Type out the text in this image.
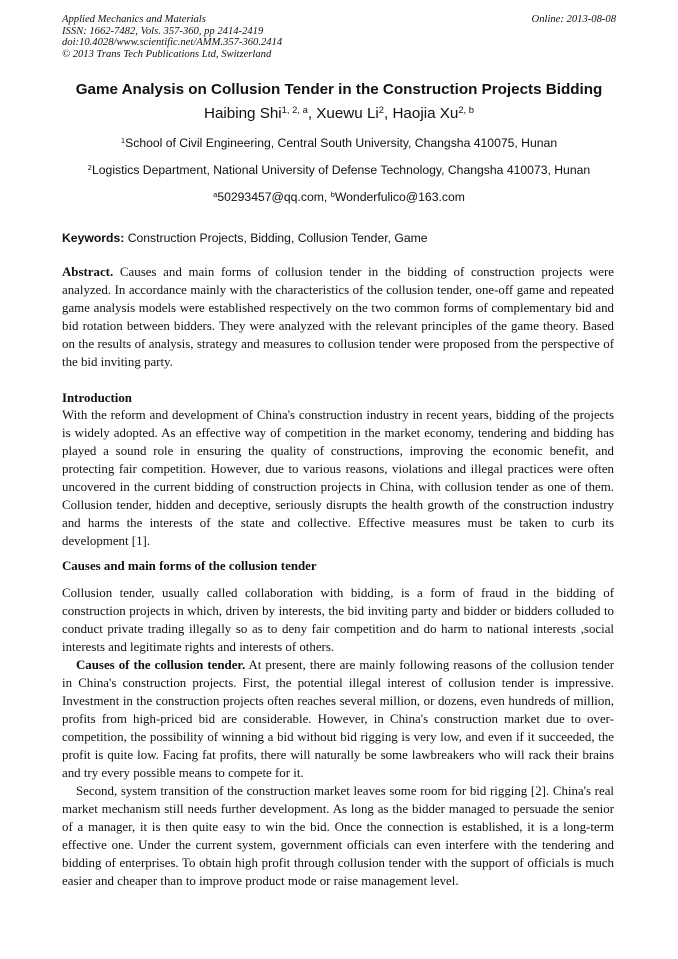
Applied Mechanics and Materials
ISSN: 1662-7482, Vols. 357-360, pp 2414-2419
doi:10.4028/www.scientific.net/AMM.357-360.2414
© 2013 Trans Tech Publications Ltd, Switzerland
Online: 2013-08-08
Game Analysis on Collusion Tender in the Construction Projects Bidding
Haibing Shi$^{1, 2, a}$, Xuewu Li$^2$, Haojia Xu$^{2, b}$
$^1$School of Civil Engineering, Central South University, Changsha 410075, Hunan
$^2$Logistics Department, National University of Defense Technology, Changsha 410073, Hunan
$^a$50293457@qq.com, $^b$Wonderfulico@163.com
Keywords: Construction Projects, Bidding, Collusion Tender, Game

Abstract. Causes and main forms of collusion tender in the bidding of construction projects were analyzed. In accordance mainly with the characteristics of the collusion tender, one-off game and repeated game analysis models were established respectively on the two common forms of complementary bid and bid rotation between bidders. They were analyzed with the relevant principles of the game theory. Based on the results of analysis, strategy and measures to collusion tender were proposed from the perspective of the bid inviting party.

Introduction

With the reform and development of China's construction industry in recent years, bidding of the projects is widely adopted. As an effective way of competition in the market economy, tendering and bidding has played a sound role in ensuring the quality of constructions, improving the economic benefit, and protecting fair competition. However, due to various reasons, violations and illegal practices were often uncovered in the current bidding of construction projects in China, with collusion tender as one of them. Collusion tender, hidden and deceptive, seriously disrupts the health growth of the construction industry and harms the interests of the state and collective. Effective measures must be taken to curb its development [1].

Causes and main forms of the collusion tender

Collusion tender, usually called collaboration with bidding, is a form of fraud in the bidding of construction projects in which, driven by interests, the bid inviting party and bidder or bidders colluded to conduct private trading illegally so as to deny fair competition and do harm to national interests ,social interests and legitimate rights and interests of others.

Causes of the collusion tender. At present, there are mainly following reasons of the collusion tender in China's construction projects. First, the potential illegal interest of collusion tender is impressive. Investment in the construction projects often reaches several million, or dozens, even hundreds of million, profits from high-priced bid are considerable. However, in China's construction market due to over-competition, the possibility of winning a bid without bid rigging is very low, and even if it succeeded, the profit is quite low. Facing fat profits, there will naturally be some lawbreakers who will rack their brains and try every possible means to compete for it.

Second, system transition of the construction market leaves some room for bid rigging [2]. China's real market mechanism still needs further development. As long as the bidder managed to persuade the senior of a manager, it is then quite easy to win the bid. Once the connection is established, it is a long-term effective one. Under the current system, government officials can even interfere with the tendering and bidding of enterprises. To obtain high profit through collusion tender with the support of officials is much easier and cheaper than to improve product mode or raise management level.
